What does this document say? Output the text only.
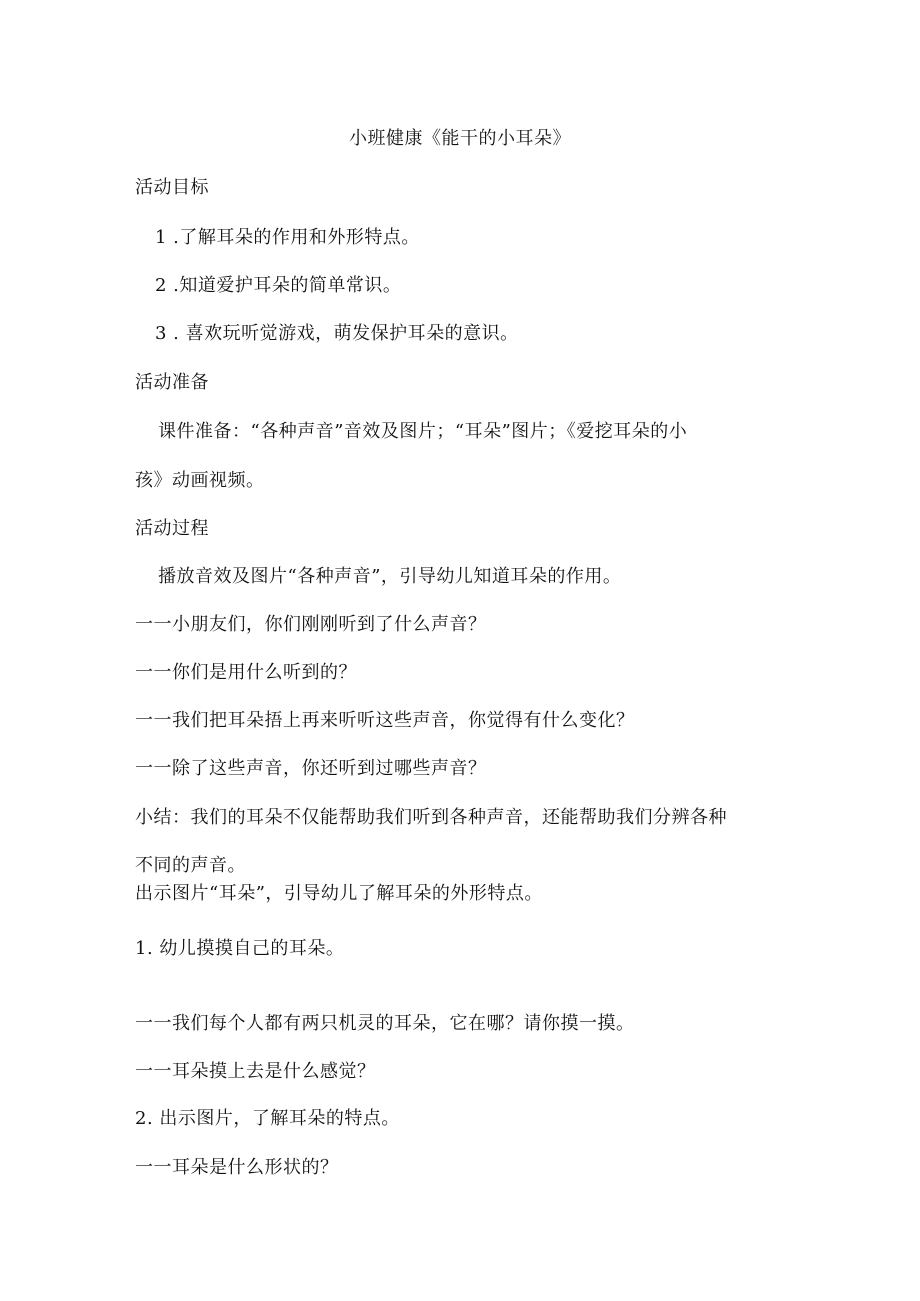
小班健康《能干的小耳朵》
活动目标
1 .了解耳朵的作用和外形特点。
2 .知道爱护耳朵的简单常识。
3 . 喜欢玩听觉游戏，萌发保护耳朵的意识。
活动准备
课件准备：“各种声音”音效及图片；“耳朵”图片；《爱挖耳朵的小
孩》动画视频。
活动过程
播放音效及图片“各种声音”，引导幼儿知道耳朵的作用。
一一小朋友们，你们刚刚听到了什么声音？
一一你们是用什么听到的？
一一我们把耳朵捂上再来听听这些声音，你觉得有什么变化？
一一除了这些声音，你还听到过哪些声音？
小结：我们的耳朵不仅能帮助我们听到各种声音，还能帮助我们分辨各种
不同的声音。
出示图片“耳朵”，引导幼儿了解耳朵的外形特点。
1. 幼儿摸摸自己的耳朵。
一一我们每个人都有两只机灵的耳朵，它在哪？请你摸一摸。
一一耳朵摸上去是什么感觉？
2. 出示图片，了解耳朵的特点。
一一耳朵是什么形状的？
